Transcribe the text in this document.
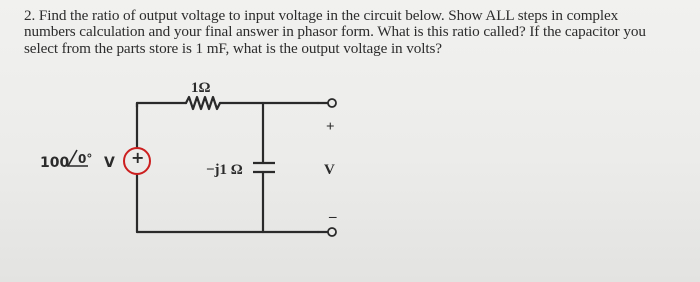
2. Find the ratio of output voltage to input voltage in the circuit below. Show ALL steps in complex

numbers calculation and your final answer in phasor form. What is this ratio called? If the capacitor you

select from the parts store is 1 mF, what is the output voltage in volts?

1Ω
100 0° V +
−j1 Ω
+
V
–
